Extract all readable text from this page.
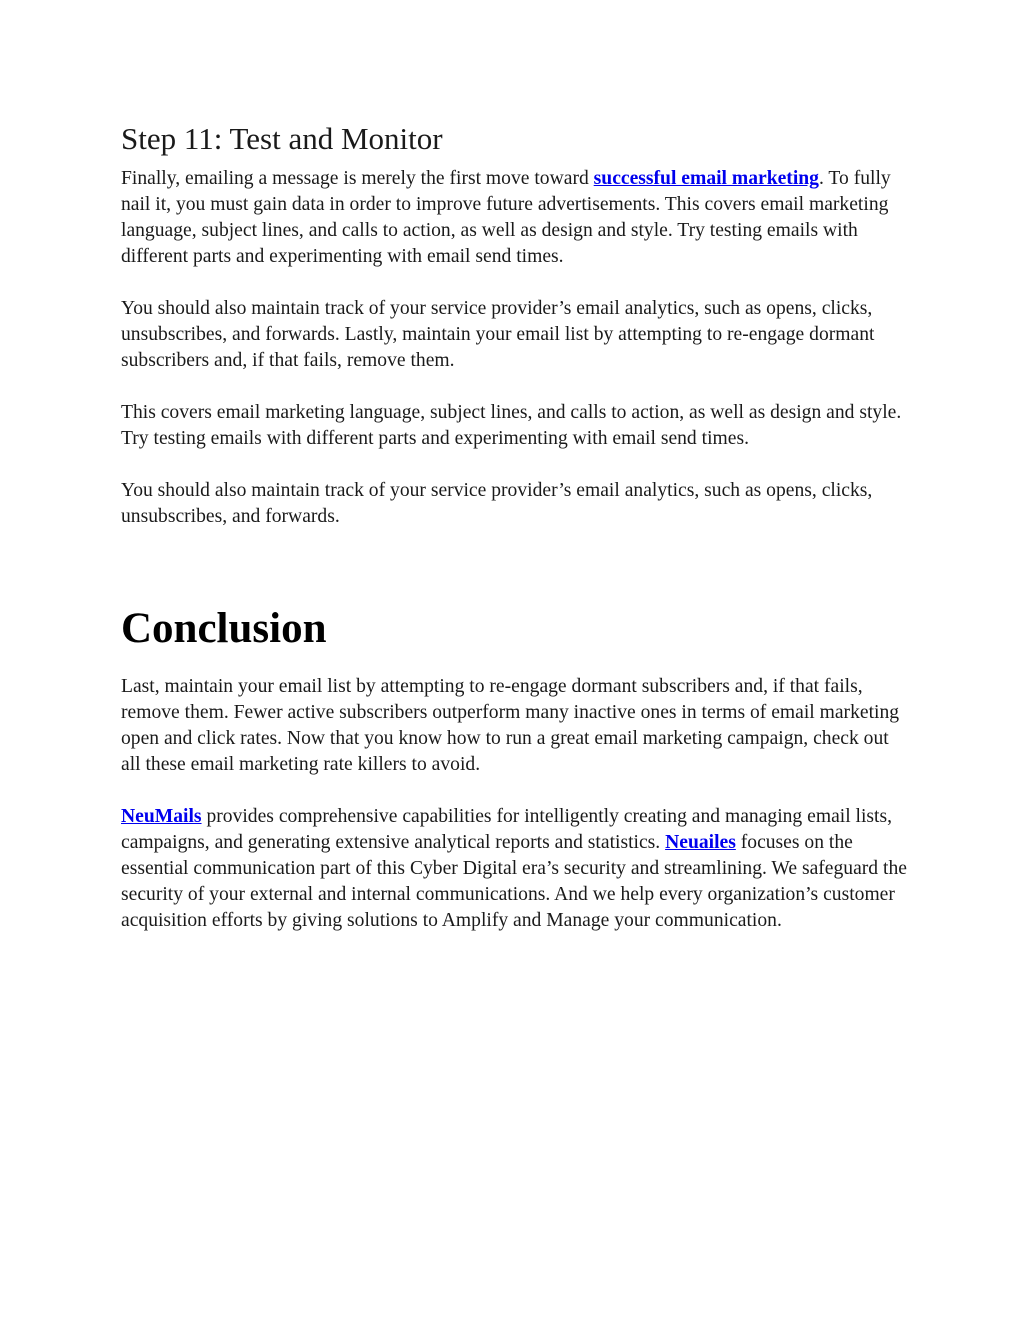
Step 11: Test and Monitor

Finally, emailing a message is merely the first move toward successful email marketing. To fully nail it, you must gain data in order to improve future advertisements. This covers email marketing language, subject lines, and calls to action, as well as design and style. Try testing emails with different parts and experimenting with email send times.

You should also maintain track of your service provider’s email analytics, such as opens, clicks, unsubscribes, and forwards. Lastly, maintain your email list by attempting to re-engage dormant subscribers and, if that fails, remove them.

This covers email marketing language, subject lines, and calls to action, as well as design and style. Try testing emails with different parts and experimenting with email send times.

You should also maintain track of your service provider’s email analytics, such as opens, clicks, unsubscribes, and forwards.

Conclusion

Last, maintain your email list by attempting to re-engage dormant subscribers and, if that fails, remove them. Fewer active subscribers outperform many inactive ones in terms of email marketing open and click rates. Now that you know how to run a great email marketing campaign, check out all these email marketing rate killers to avoid.

NeuMails provides comprehensive capabilities for intelligently creating and managing email lists, campaigns, and generating extensive analytical reports and statistics. Neuailes focuses on the essential communication part of this Cyber Digital era’s security and streamlining. We safeguard the security of your external and internal communications. And we help every organization’s customer acquisition efforts by giving solutions to Amplify and Manage your communication.
